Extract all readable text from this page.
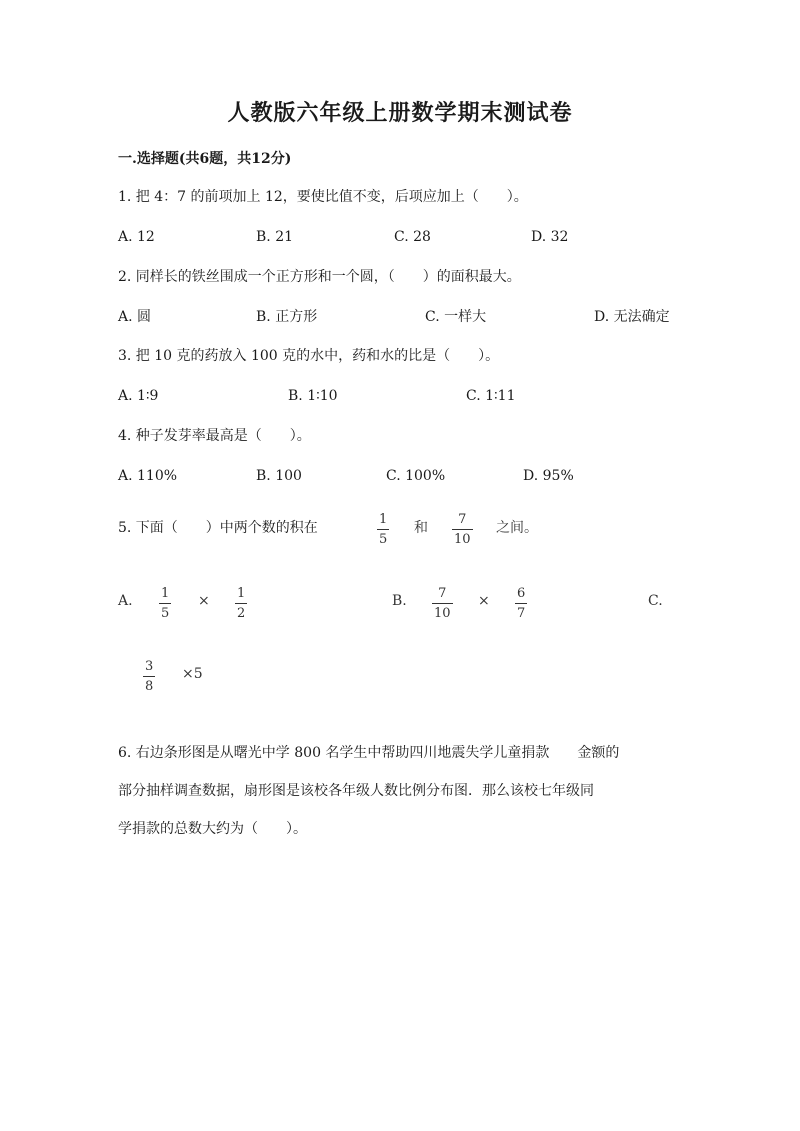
人教版六年级上册数学期末测试卷
一.选择题(共6题，共12分)
1. 把 4：7 的前项加上 12，要使比值不变，后项应加上（　　）。
A. 12	B. 21	C. 28	D. 32
2. 同样长的铁丝围成一个正方形和一个圆，（　　）的面积最大。
A. 圆	B. 正方形	C. 一样大	D. 无法确定
3. 把 10 克的药放入 100 克的水中，药和水的比是（　　）。
A. 1∶9	B. 1∶10	C. 1∶11
4. 种子发芽率最高是（　　）。
A. 110%	B. 100	C. 100%	D. 95%
5. 下面（　　）中两个数的积在
1
5
和
7
10
之间。
A. 1
5
× 1
2
B. 7
10
× 6
7
C.
3
8
×5
6. 右边条形图是从曙光中学 800 名学生中帮助四川地震失学儿童捐款　　金额的
部分抽样调查数据，扇形图是该校各年级人数比例分布图．那么该校七年级同
学捐款的总数大约为（　　）。
